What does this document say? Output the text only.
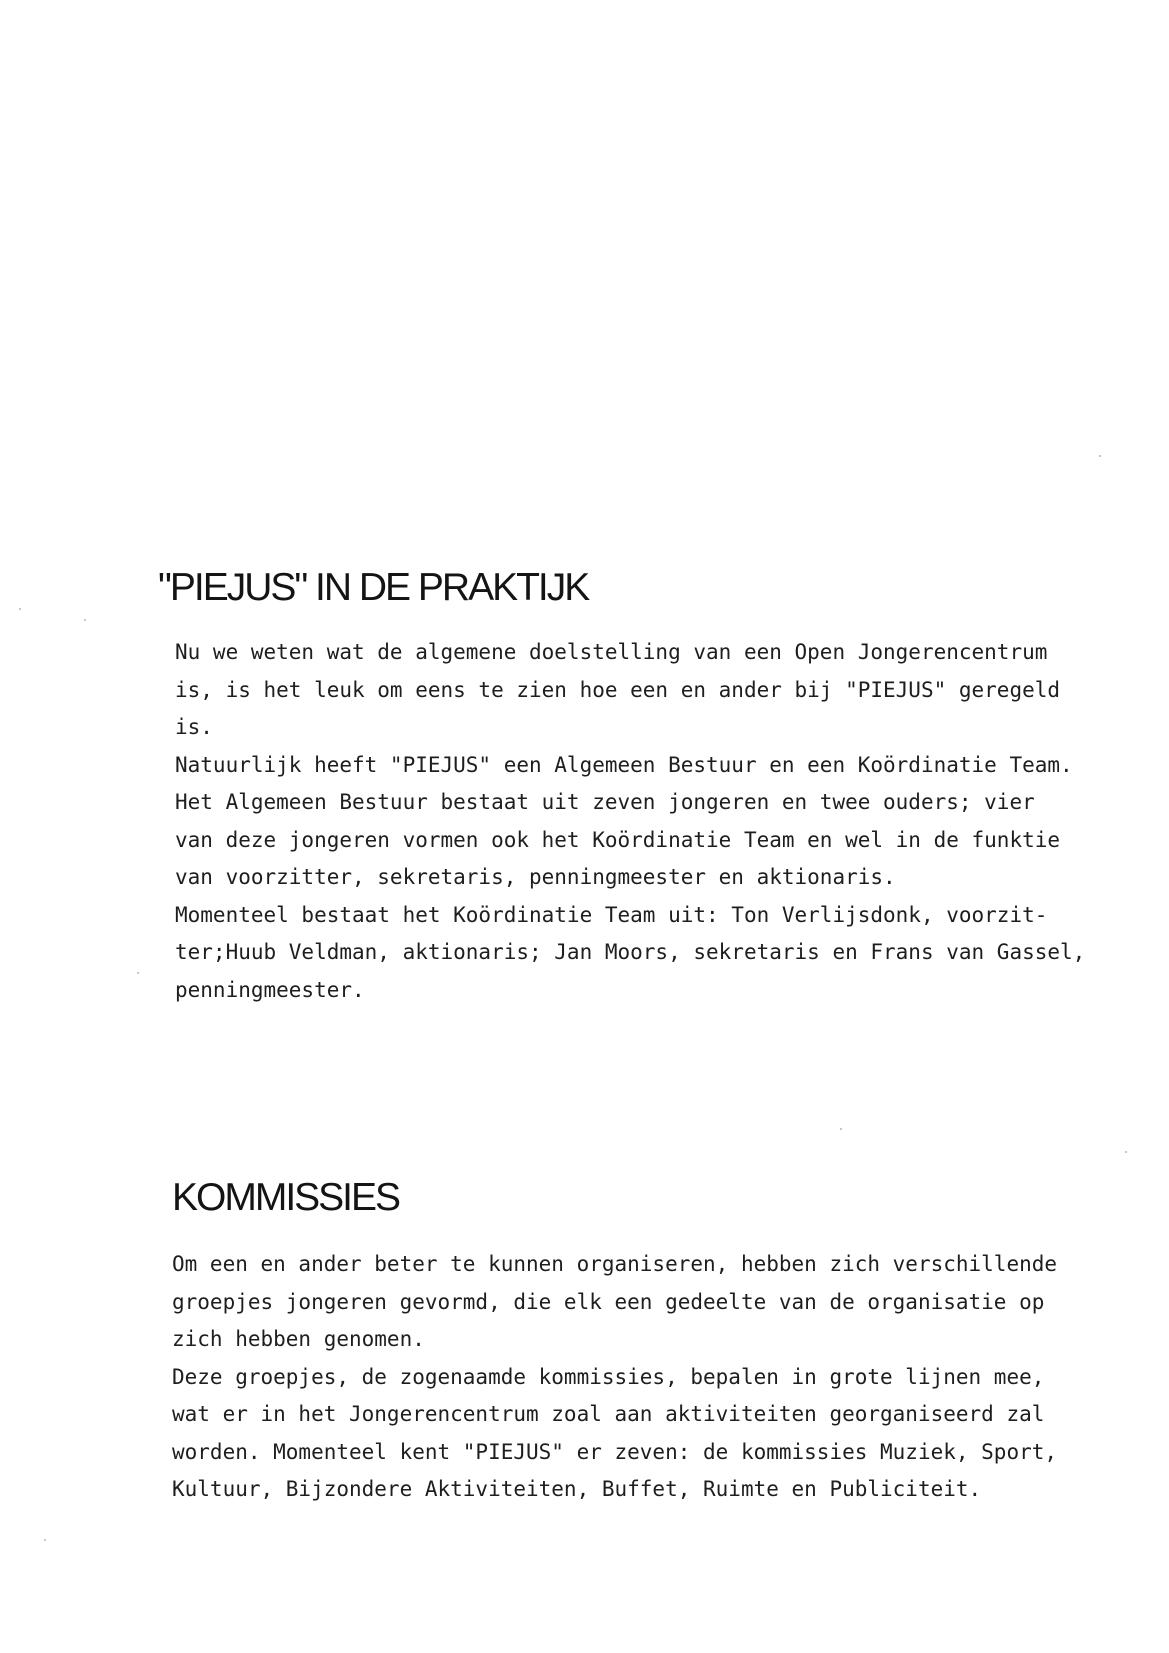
"PIEJUS" IN DE PRAKTIJK

Nu we weten wat de algemene doelstelling van een Open Jongerencentrum

is, is het leuk om eens te zien hoe een en ander bij "PIEJUS" geregeld

is.

Natuurlijk heeft "PIEJUS" een Algemeen Bestuur en een Koördinatie Team.

Het Algemeen Bestuur bestaat uit zeven jongeren en twee ouders; vier

van deze jongeren vormen ook het Koördinatie Team en wel in de funktie

van voorzitter, sekretaris, penningmeester en aktionaris.

Momenteel bestaat het Koördinatie Team uit: Ton Verlijsdonk, voorzit-

ter;Huub Veldman, aktionaris; Jan Moors, sekretaris en Frans van Gassel,

penningmeester.

KOMMISSIES

Om een en ander beter te kunnen organiseren, hebben zich verschillende

groepjes jongeren gevormd, die elk een gedeelte van de organisatie op

zich hebben genomen.

Deze groepjes, de zogenaamde kommissies, bepalen in grote lijnen mee,

wat er in het Jongerencentrum zoal aan aktiviteiten georganiseerd zal

worden. Momenteel kent "PIEJUS" er zeven: de kommissies Muziek, Sport,

Kultuur, Bijzondere Aktiviteiten, Buffet, Ruimte en Publiciteit.
